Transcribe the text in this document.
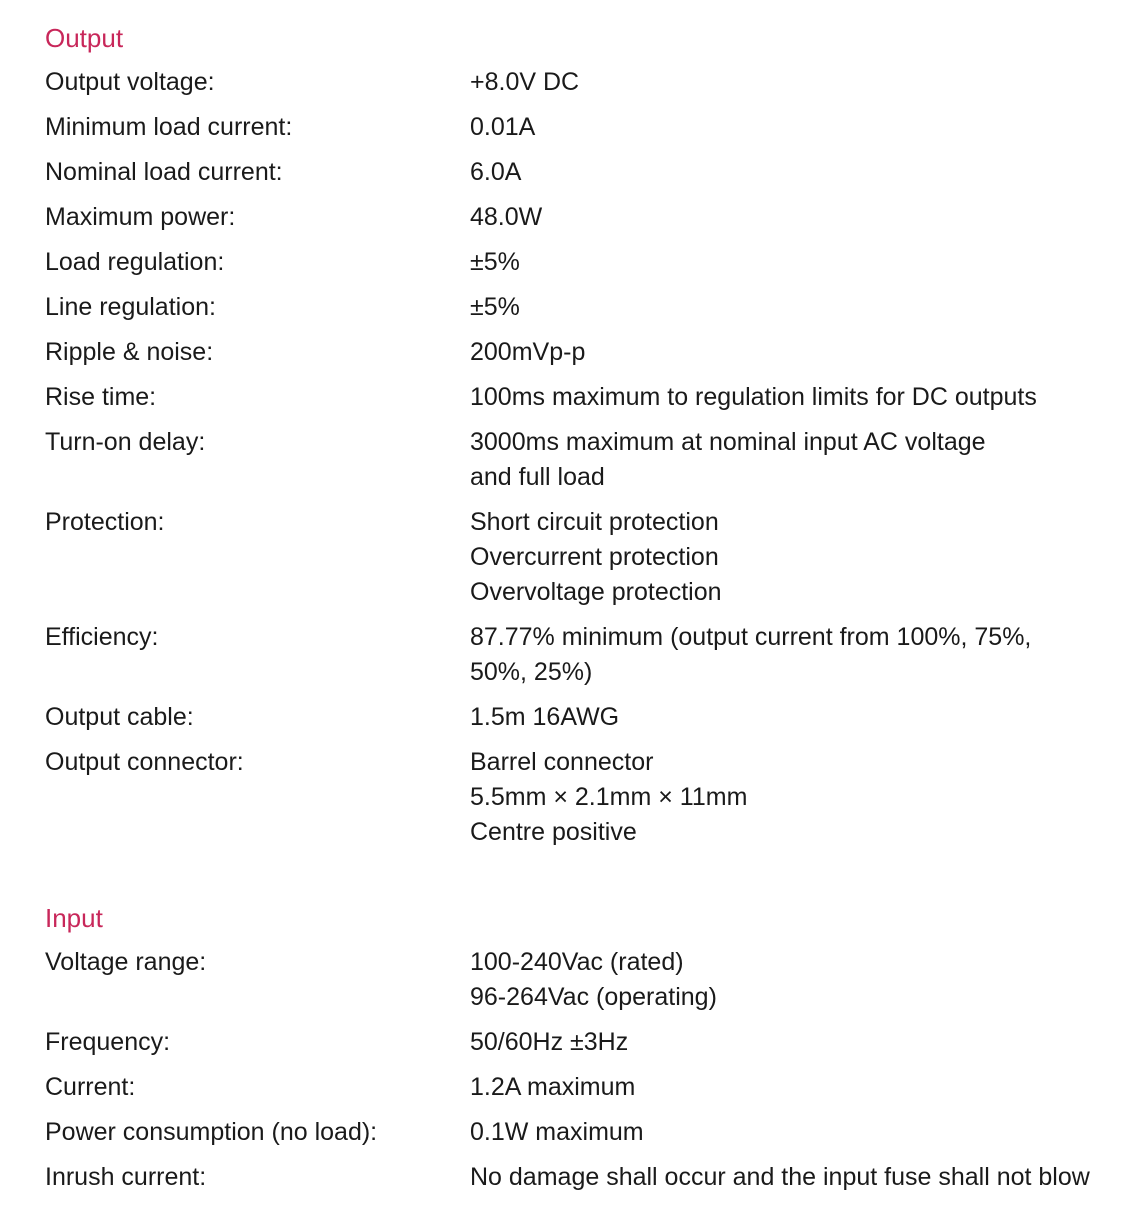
Output
Output voltage:	+8.0V DC
Minimum load current:	0.01A
Nominal load current:	6.0A
Maximum power:	48.0W
Load regulation:	±5%
Line regulation:	±5%
Ripple & noise:	200mVp-p
Rise time:	100ms maximum to regulation limits for DC outputs
Turn-on delay:	3000ms maximum at nominal input AC voltage
and full load
Protection:	Short circuit protection
Overcurrent protection
Overvoltage protection
Efficiency:	87.77% minimum (output current from 100%, 75%,
50%, 25%)
Output cable:	1.5m 16AWG
Output connector:	Barrel connector
5.5mm × 2.1mm × 11mm
Centre positive
Input
Voltage range:	100-240Vac (rated)
96-264Vac (operating)
Frequency:	50/60Hz ±3Hz
Current:	1.2A maximum
Power consumption (no load):	0.1W maximum
Inrush current:	No damage shall occur and the input fuse shall not blow
